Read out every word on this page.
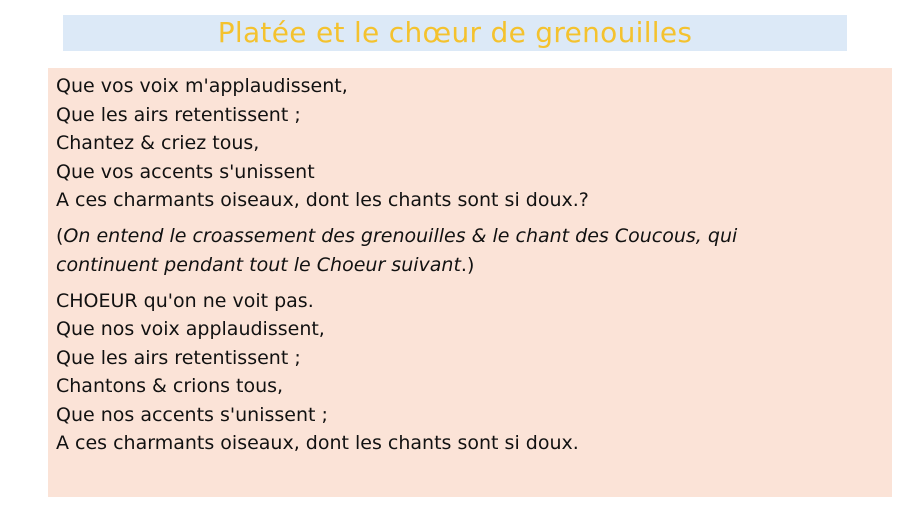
Platée et le chœur de grenouilles
Que vos voix m'applaudissent,
Que les airs retentissent ;
Chantez & criez tous,
Que vos accents s'unissent
A ces charmants oiseaux, dont les chants sont si doux.?
(On entend le croassement des grenouilles & le chant des Coucous, qui
continuent pendant tout le Choeur suivant.)
CHOEUR qu'on ne voit pas.
Que nos voix applaudissent,
Que les airs retentissent ;
Chantons & crions tous,
Que nos accents s'unissent ;
A ces charmants oiseaux, dont les chants sont si doux.
